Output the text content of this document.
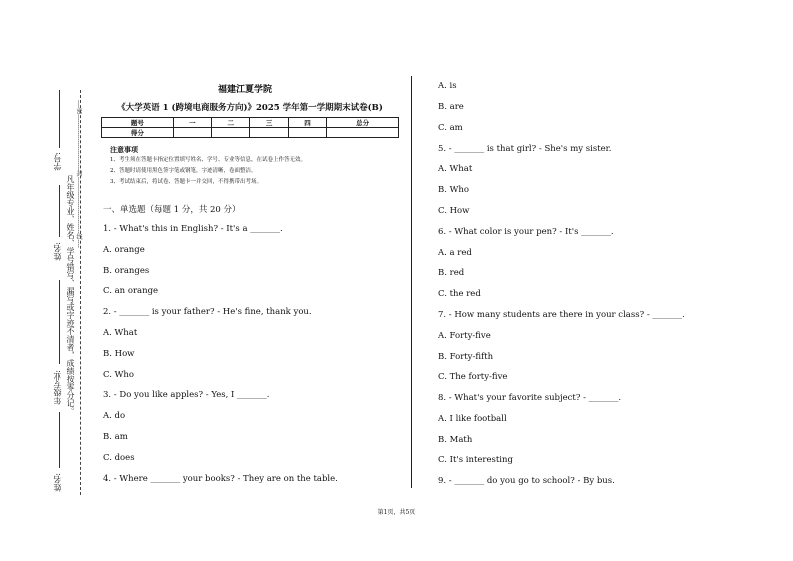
学号:
姓名:
年级专业:
姓名:
凡年级专业、姓名、学号错写、漏写或字迹不清者，成绩按零分记。
----密----------------------------封----------------------------线----
福建江夏学院
《大学英语 1 (跨境电商服务方向)》2025 学年第一学期期末试卷(B)
题号	一	二	三	四	总分
得分					
注意事项
1、考生须在答题卡指定位置填写姓名、学号、专业等信息，在试卷上作答无效。
2、答题时请使用黑色签字笔或钢笔，字迹清晰，卷面整洁。
3、考试结束后，将试卷、答题卡一并交回，不得携带出考场。
一、单选题（每题 1 分，共 20 分）
1. - What's this in English? - It's a _______.
A. orange
B. oranges
C. an orange
2. - _______ is your father? - He's fine, thank you.
A. What
B. How
C. Who
3. - Do you like apples? - Yes, I _______.
A. do
B. am
C. does
4. - Where _______ your books? - They are on the table.
A. is
B. are
C. am
5. - _______ is that girl? - She's my sister.
A. What
B. Who
C. How
6. - What color is your pen? - It's _______.
A. a red
B. red
C. the red
7. - How many students are there in your class? - _______.
A. Forty-five
B. Forty-fifth
C. The forty-five
8. - What's your favorite subject? - _______.
A. I like football
B. Math
C. It's interesting
9. - _______ do you go to school? - By bus.
第1页，共5页
